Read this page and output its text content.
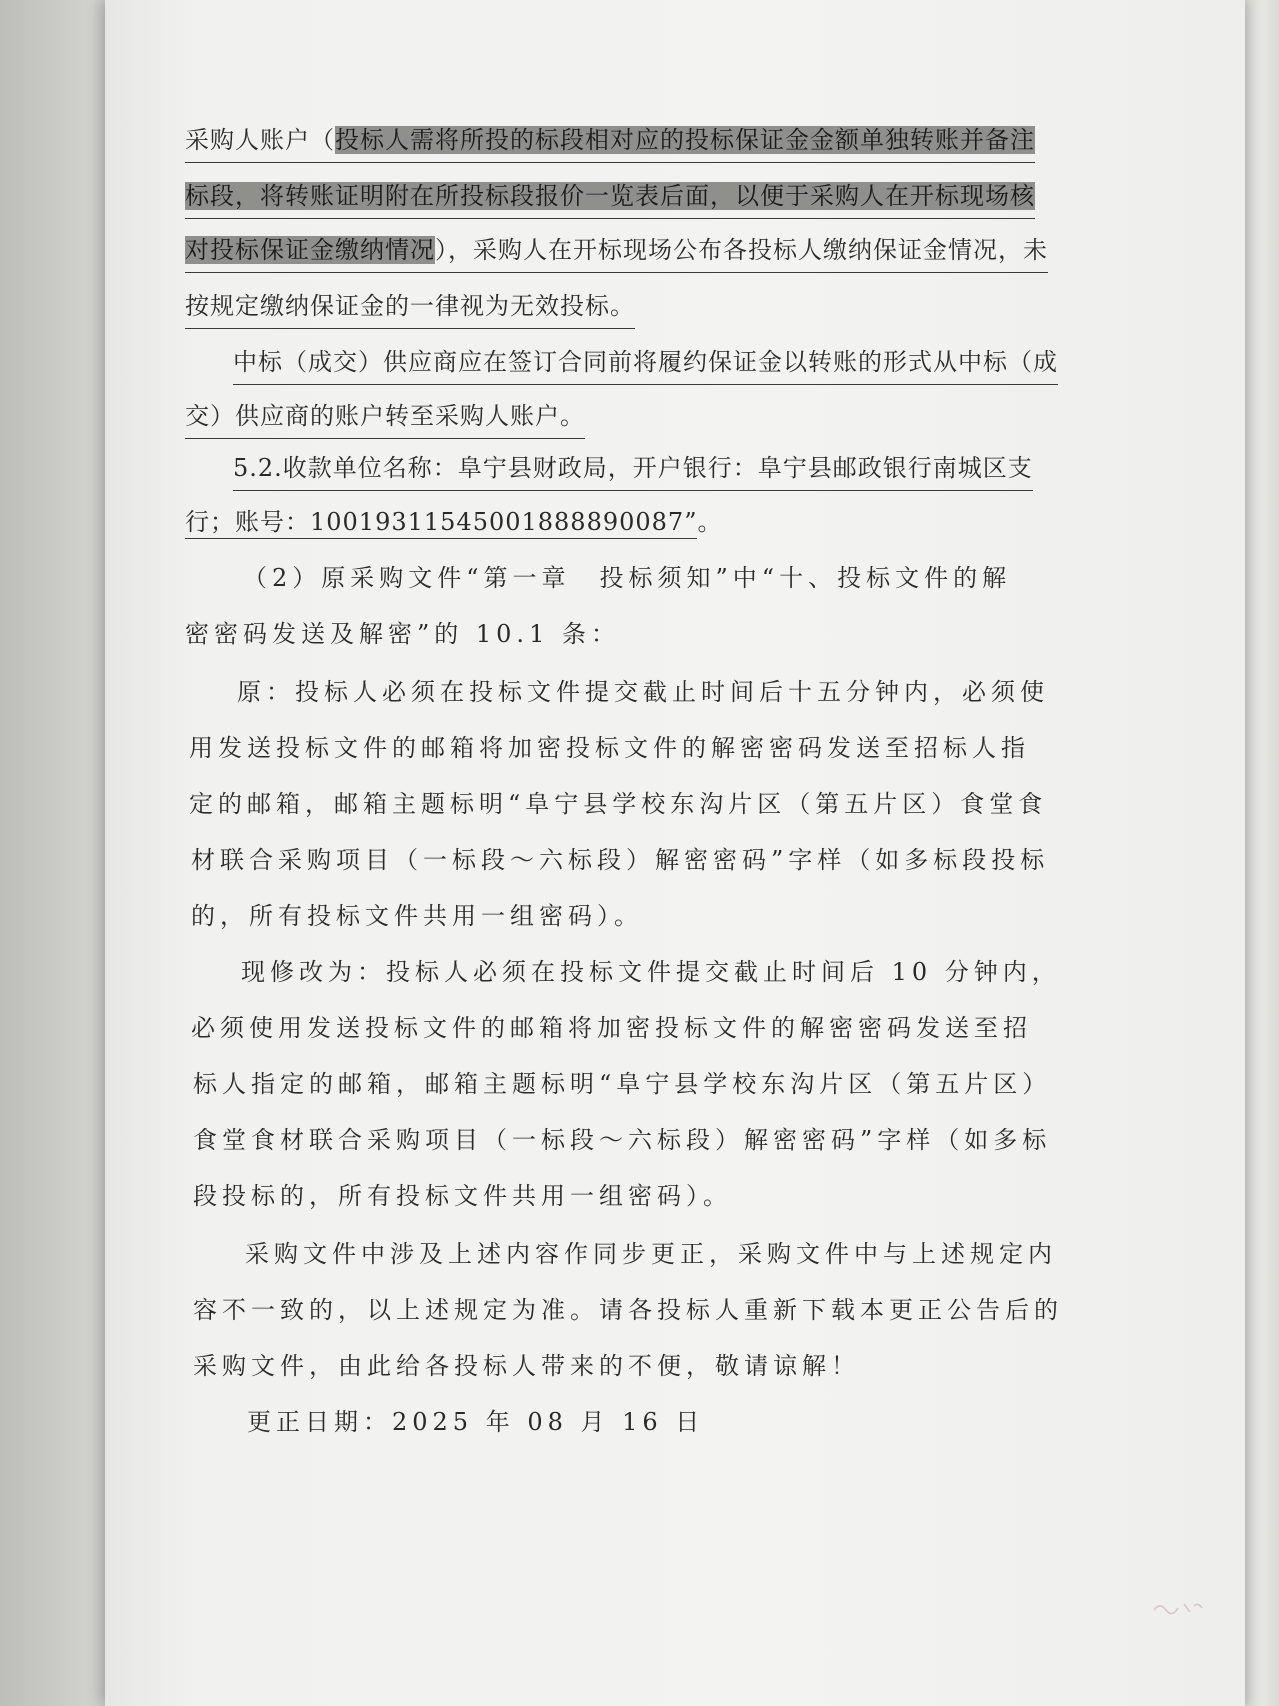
采购人账户（投标人需将所投的标段相对应的投标保证金金额单独转账并备注
标段，将转账证明附在所投标段报价一览表后面，以便于采购人在开标现场核
对投标保证金缴纳情况），采购人在开标现场公布各投标人缴纳保证金情况，未
按规定缴纳保证金的一律视为无效投标。
中标（成交）供应商应在签订合同前将履约保证金以转账的形式从中标（成
交）供应商的账户转至采购人账户。
5.2.收款单位名称：阜宁县财政局，开户银行：阜宁县邮政银行南城区支
行；账号：100193115450018888900​87”。
（2）原采购文件“第一章　投标须知”中“十、投标文件的解
密密码发送及解密”的 10.1 条：
原：投标人必须在投标文件提交截止时间后十五分钟内，必须使
用发送投标文件的邮箱将加密投标文件的解密密码发送至招标人指
定的邮箱，邮箱主题标明“阜宁县学校东沟片区（第五片区）食堂食
材联合采购项目（一标段～六标段）解密密码”字样（如多标段投标
的，所有投标文件共用一组密码）。
现修改为：投标人必须在投标文件提交截止时间后 10 分钟内，
必须使用发送投标文件的邮箱将加密投标文件的解密密码发送至招
标人指定的邮箱，邮箱主题标明“阜宁县学校东沟片区（第五片区）
食堂食材联合采购项目（一标段～六标段）解密密码”字样（如多标
段投标的，所有投标文件共用一组密码）。
采购文件中涉及上述内容作同步更正，采购文件中与上述规定内
容不一致的，以上述规定为准。请各投标人重新下载本更正公告后的
采购文件，由此给各投标人带来的不便，敬请谅解！
更正日期：2025 年 08 月 16 日
